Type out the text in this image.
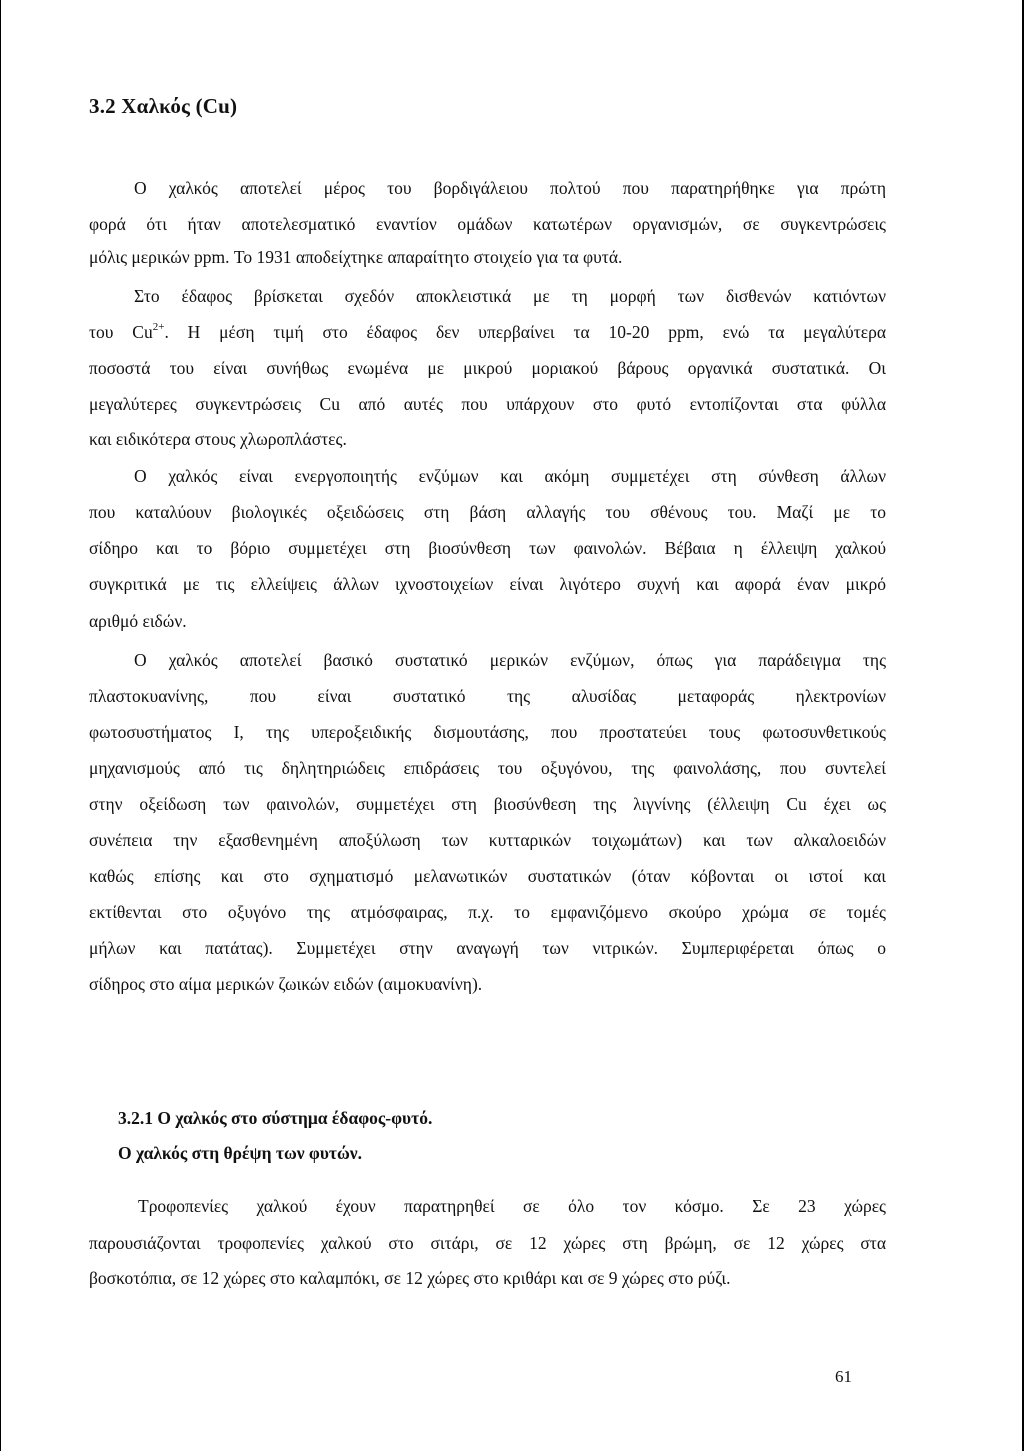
3.2 Χαλκός (Cu)

Ο χαλκός αποτελεί μέρος του βορδιγάλειου πολτού που παρατηρήθηκε για πρώτη

φορά ότι ήταν αποτελεσματικό εναντίον ομάδων κατωτέρων οργανισμών, σε συγκεντρώσεις

μόλις μερικών ppm. Το 1931 αποδείχτηκε απαραίτητο στοιχείο για τα φυτά.

Στο έδαφος βρίσκεται σχεδόν αποκλειστικά με τη μορφή των δισθενών κατιόντων

του $Cu^{2+}$. Η μέση τιμή στο έδαφος δεν υπερβαίνει τα 10-20 ppm, ενώ τα μεγαλύτερα

ποσοστά του είναι συνήθως ενωμένα με μικρού μοριακού βάρους οργανικά συστατικά. Οι

μεγαλύτερες συγκεντρώσεις Cu από αυτές που υπάρχουν στο φυτό εντοπίζονται στα φύλλα

και ειδικότερα στους χλωροπλάστες.

Ο χαλκός είναι ενεργοποιητής ενζύμων και ακόμη συμμετέχει στη σύνθεση άλλων

που καταλύουν βιολογικές οξειδώσεις στη βάση αλλαγής του σθένους του. Μαζί με το

σίδηρο και το βόριο συμμετέχει στη βιοσύνθεση των φαινολών. Βέβαια η έλλειψη χαλκού

συγκριτικά με τις ελλείψεις άλλων ιχνοστοιχείων είναι λιγότερο συχνή και αφορά έναν μικρό

αριθμό ειδών.

Ο χαλκός αποτελεί βασικό συστατικό μερικών ενζύμων, όπως για παράδειγμα της

πλαστοκυανίνης, που είναι συστατικό της αλυσίδας μεταφοράς ηλεκτρονίων

φωτοσυστήματος I, της υπεροξειδικής δισμουτάσης, που προστατεύει τους φωτοσυνθετικούς

μηχανισμούς από τις δηλητηριώδεις επιδράσεις του οξυγόνου, της φαινολάσης, που συντελεί

στην οξείδωση των φαινολών, συμμετέχει στη βιοσύνθεση της λιγνίνης (έλλειψη Cu έχει ως

συνέπεια την εξασθενημένη αποξύλωση των κυτταρικών τοιχωμάτων) και των αλκαλοειδών

καθώς επίσης και στο σχηματισμό μελανωτικών συστατικών (όταν κόβονται οι ιστοί και

εκτίθενται στο οξυγόνο της ατμόσφαιρας, π.χ. το εμφανιζόμενο σκούρο χρώμα σε τομές

μήλων και πατάτας). Συμμετέχει στην αναγωγή των νιτρικών. Συμπεριφέρεται όπως ο

σίδηρος στο αίμα μερικών ζωικών ειδών (αιμοκυανίνη).

3.2.1 Ο χαλκός στο σύστημα έδαφος-φυτό.

Ο χαλκός στη θρέψη των φυτών.

Τροφοπενίες χαλκού έχουν παρατηρηθεί σε όλο τον κόσμο. Σε 23 χώρες

παρουσιάζονται τροφοπενίες χαλκού στο σιτάρι, σε 12 χώρες στη βρώμη, σε 12 χώρες στα

βοσκοτόπια, σε 12 χώρες στο καλαμπόκι, σε 12 χώρες στο κριθάρι και σε 9 χώρες στο ρύζι.

61
